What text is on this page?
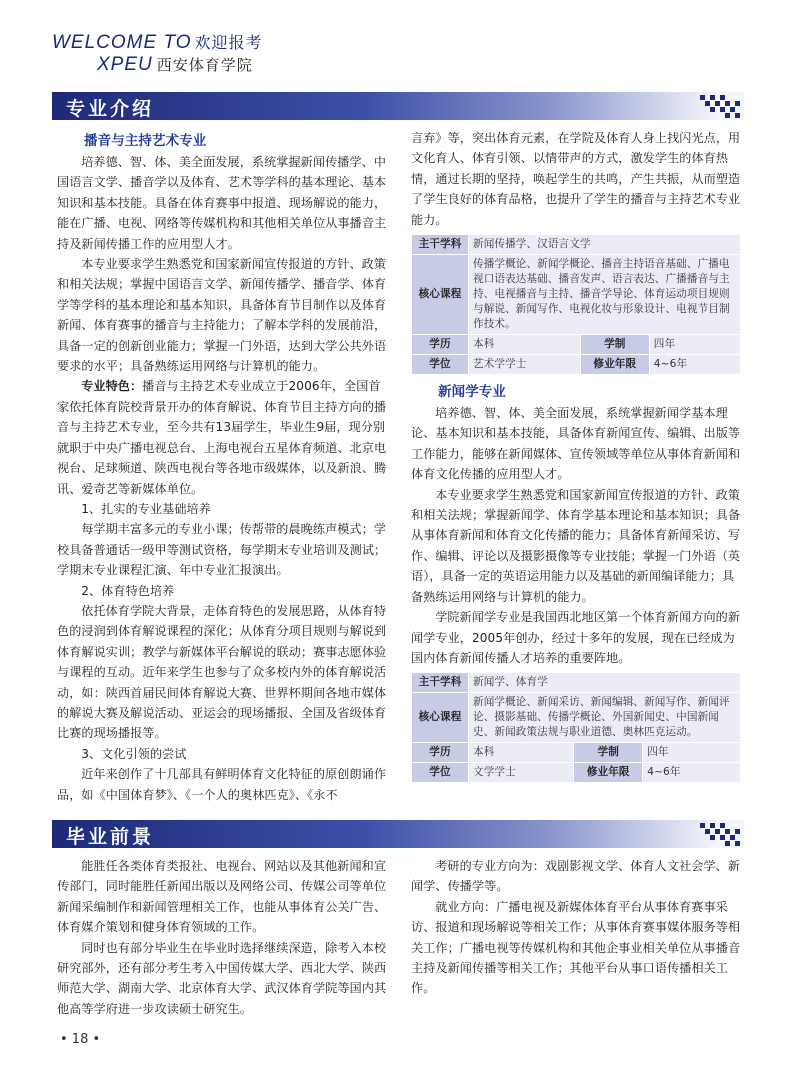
WELCOME TO 欢迎报考
XPEU 西安体育学院
专业介绍

播音与主持艺术专业

培养德、智、体、美全面发展，系统掌握新闻传播学、中国语言文学、播音学以及体育、艺术等学科的基本理论、基本知识和基本技能。具备在体育赛事中报道、现场解说的能力，能在广播、电视、网络等传媒机构和其他相关单位从事播音主持及新闻传播工作的应用型人才。

本专业要求学生熟悉党和国家新闻宣传报道的方针、政策和相关法规；掌握中国语言文学、新闻传播学、播音学、体育学等学科的基本理论和基本知识，具备体育节目制作以及体育新闻、体育赛事的播音与主持能力；了解本学科的发展前沿，具备一定的创新创业能力；掌握一门外语，达到大学公共外语要求的水平；具备熟练运用网络与计算机的能力。

专业特色：播音与主持艺术专业成立于2006年，全国首家依托体育院校背景开办的体育解说、体育节目主持方向的播音与主持艺术专业，至今共有13届学生，毕业生9届，现分别就职于中央广播电视总台、上海电视台五星体育频道、北京电视台、足球频道、陕西电视台等各地市级媒体，以及新浪、腾讯、爱奇艺等新媒体单位。

1、扎实的专业基础培养

每学期丰富多元的专业小课；传帮带的晨晚练声模式；学校具备普通话一级甲等测试资格，每学期末专业培训及测试；学期末专业课程汇演、年中专业汇报演出。

2、体育特色培养

依托体育学院大背景，走体育特色的发展思路，从体育特色的浸润到体育解说课程的深化；从体育分项目规则与解说到体育解说实训；教学与新媒体平台解说的联动；赛事志愿体验与课程的互动。近年来学生也参与了众多校内外的体育解说活动，如：陕西首届民间体育解说大赛、世界杯期间各地市媒体的解说大赛及解说活动、亚运会的现场播报、全国及省级体育比赛的现场播报等。

3、文化引领的尝试

近年来创作了十几部具有鲜明体育文化特征的原创朗诵作品，如《中国体育梦》、《一个人的奥林匹克》、《永不

言弃》等，突出体育元素，在学院及体育人身上找闪光点，用文化育人、体育引领、以情带声的方式，激发学生的体育热情，通过长期的坚持，唤起学生的共鸣，产生共振，从而塑造了学生良好的体育品格，也提升了学生的播音与主持艺术专业能力。

主干学科	新闻传播学、汉语言文学		
核心课程	传播学概论、新闻学概论、播音主持语音基础、广播电视口语表达基础、播音发声、语言表达、广播播音与主持、电视播音与主持、播音学导论、体育运动项目规则与解说、新闻写作、电视化妆与形象设计、电视节目制作技术。		
学历	本科	学制	四年
学位	艺术学学士	修业年限	4~6年

新闻学专业

培养德、智、体、美全面发展，系统掌握新闻学基本理论、基本知识和基本技能，具备体育新闻宣传、编辑、出版等工作能力，能够在新闻媒体、宣传领域等单位从事体育新闻和体育文化传播的应用型人才。

本专业要求学生熟悉党和国家新闻宣传报道的方针、政策和相关法规；掌握新闻学、体育学基本理论和基本知识；具备从事体育新闻和体育文化传播的能力；具备体育新闻采访、写作、编辑、评论以及摄影摄像等专业技能；掌握一门外语（英语），具备一定的英语运用能力以及基础的新闻编译能力；具备熟练运用网络与计算机的能力。

学院新闻学专业是我国西北地区第一个体育新闻方向的新闻学专业，2005年创办，经过十多年的发展，现在已经成为国内体育新闻传播人才培养的重要阵地。

主干学科	新闻学、体育学		
核心课程	新闻学概论、新闻采访、新闻编辑、新闻写作、新闻评论、摄影基础、传播学概论、外国新闻史、中国新闻史、新闻政策法规与职业道德、奥林匹克运动。		
学历	本科	学制	四年
学位	文学学士	修业年限	4~6年
毕业前景

能胜任各类体育类报社、电视台、网站以及其他新闻和宣传部门，同时能胜任新闻出版以及网络公司、传媒公司等单位新闻采编制作和新闻管理相关工作，也能从事体育公关广告、体育媒介策划和健身体育领域的工作。

同时也有部分毕业生在毕业时选择继续深造，除考入本校研究部外，还有部分考生考入中国传媒大学、西北大学、陕西师范大学、湖南大学、北京体育大学、武汉体育学院等国内其他高等学府进一步攻读硕士研究生。

考研的专业方向为：戏剧影视文学、体育人文社会学、新闻学、传播学等。

就业方向：广播电视及新媒体体育平台从事体育赛事采访、报道和现场解说等相关工作；从事体育赛事媒体服务等相关工作；广播电视等传媒机构和其他企事业相关单位从事播音主持及新闻传播等相关工作；其他平台从事口语传播相关工作。

• 18 •
